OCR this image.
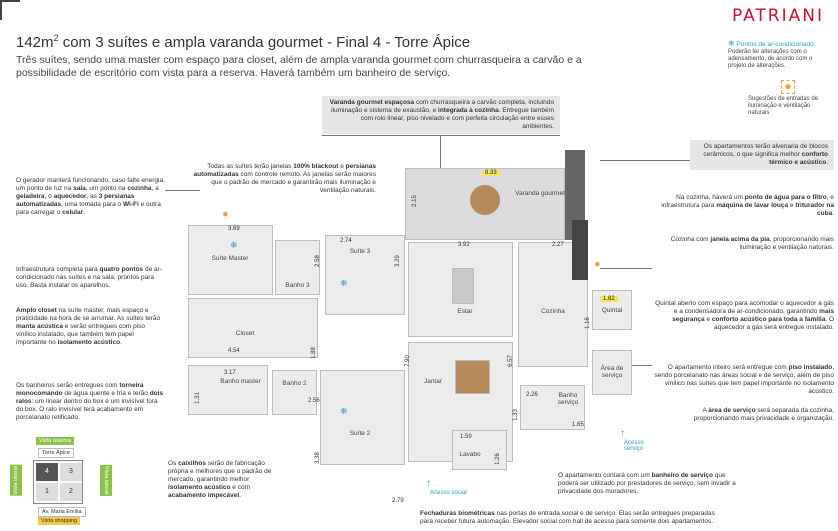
PATRIANI
$142m^2$ com 3 suítes e ampla varanda gourmet - Final 4 - Torre Ápice
Três suítes, sendo uma master com espaço para closet, além de ampla varanda gourmet com churrasqueira a carvão e a possibilidade de escritório com vista para a reserva. Haverá também um banheiro de serviço.
❄ Pontos de ar-condicionado.
Poderão ter alterações com o adensamento, de acordo com o projeto de alterações.
✹
Sugestões de entradas de iluminação e ventilação naturais
O gerador manterá funcionando, caso falte energia, um ponto de luz na sala, um ponto na cozinha, a geladeira, o aquecedor, as 3 persianas automatizadas, uma tomada para o Wi-Fi e outra para carregar o celular.
Infraestrutura completa para quatro pontos de ar-condicionado nas suítes e na sala, prontos para uso. Basta instalar os aparelhos.
Amplo closet na suíte master, mais espaço e praticidade na hora de se arrumar. As suítes terão manta acústica e serão entregues com piso vinílico instalado, que também tem papel importante no isolamento acústico.
Os banheiros serão entregues com torneira monocomando de água quente e fria e terão dois ralos: um linear dentro do box e um invisível fora do box. O ralo invisível terá acabamento em porcelanato retificado.
Os caixilhos serão de fabricação própria e melhores que o padrão de mercado, garantindo melhor isolamento acústico e com acabamento impecável.
Varanda gourmet espaçosa com churrasqueira a carvão completa, incluindo iluminação e sistema de exaustão, e integrada à cozinha. Entregue também com rolo linear, piso nivelado e com perfeita circulação entre esses ambientes.
Todas as suítes terão janelas 100% blackout e persianas automatizadas com controle remoto. As janelas serão maiores que o padrão de mercado e garantirão mais iluminação e ventilação naturais.
Os apartamentos terão alvenaria de blocos cerâmicos, o que significa melhor conforto térmico e acústico.
Na cozinha, haverá um ponto de água para o filtro, e infraestrutura para máquina de lavar louça e triturador na cuba.
Cozinha com janela acima da pia, proporcionando mais iluminação e ventilação naturais.
Quintal aberto com espaço para acomodar o aquecedor a gás e a condensadora de ar-condicionado, garantindo mais segurança e conforto acústico para toda a família. O aquecedor a gás será entregue instalado.
O apartamento inteiro será entregue com piso instalado, sendo porcelanato nas áreas social e de serviço, além de piso vinílico nas suítes que tem papel importante no isolamento acústico.
A área de serviço será separada da cozinha, proporcionando mais privacidade e organização.
O apartamento contará com um banheiro de serviço que poderá ser utilizado por prestadores de serviço, sem invadir a privacidade dos moradores.
Fechaduras biométricas nas portas de entrada social e de serviço. Elas serão entregues preparadas para receber futura automação. Elevador social com hall de acesso para somente dois apartamentos.
Varanda gourmet
8.33
2.15
Suíte Master
3.69
❄
✹
Banho 3
2.58
Suíte 3
2.74
3.29
❄
Estar
3.92
Cozinha
2.27
✹
Quintal
1.82
1.16
Closet
4.54	1.88
Jantar
7.90	6.57
Área de serviço
Banho master
3.17
1.31
Banho 2
2.56
Suíte 2
3.38
2.79
❄
Banho serviço
2.26
1.33
1.65
Lavabo
1.59
1.26
Acesso serviço
Acesso social
↑
↑
Vista reserva
Torre Ápice
Vista lateral	Vista lateral
4	3
1	2
Av. Maria Emília
Vista shopping
